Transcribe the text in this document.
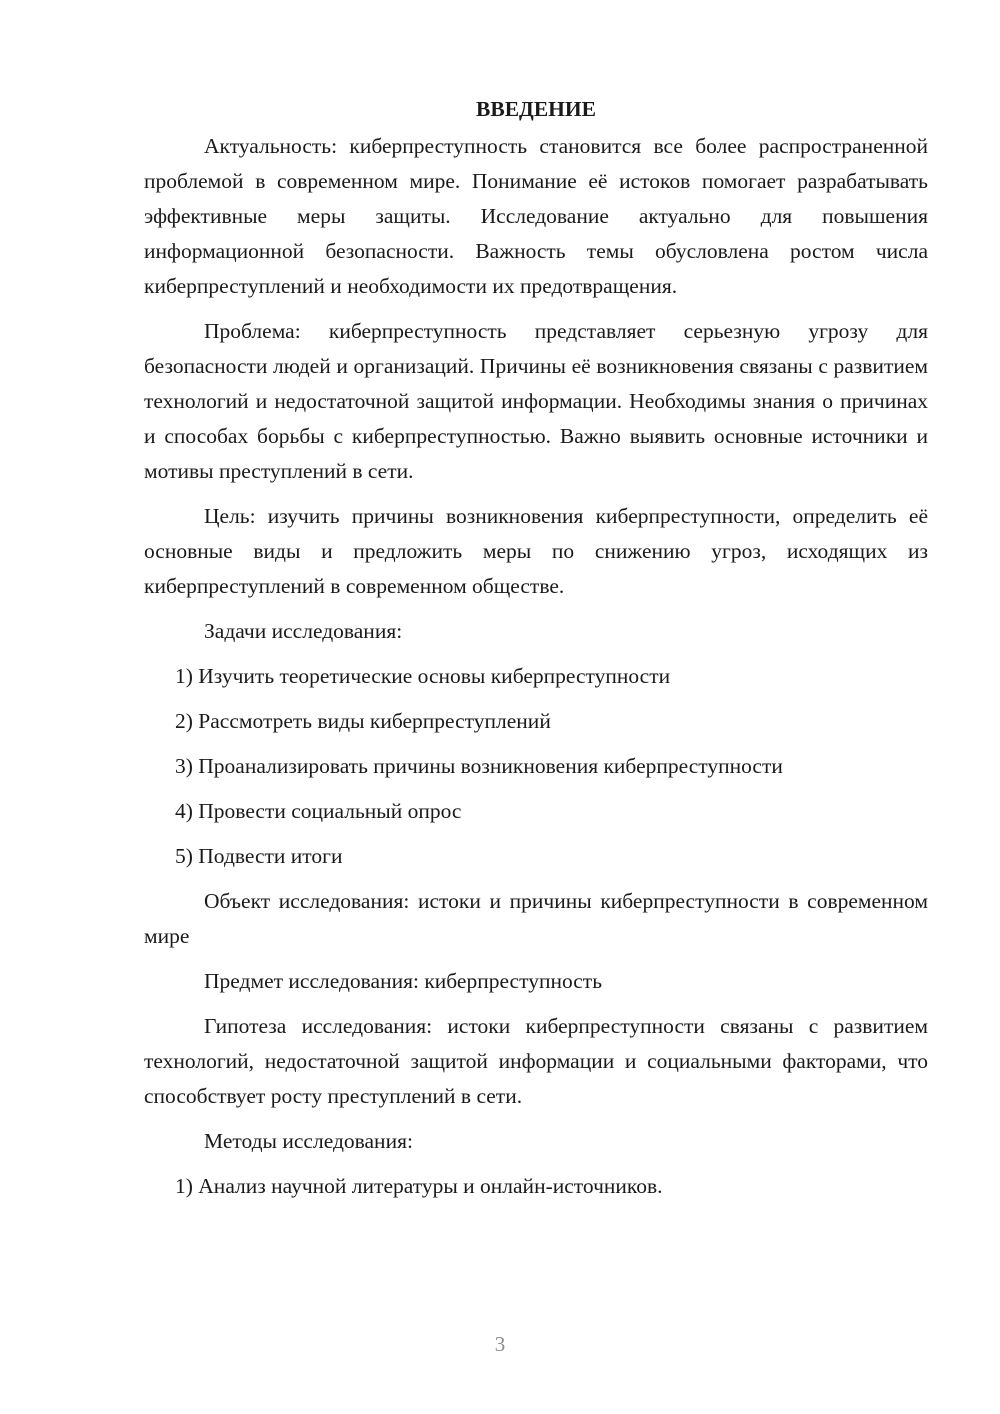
ВВЕДЕНИЕ

Актуальность: киберпреступность становится все более распространенной проблемой в современном мире. Понимание её истоков помогает разрабатывать эффективные меры защиты. Исследование актуально для повышения информационной безопасности. Важность темы обусловлена ростом числа киберпреступлений и необходимости их предотвращения.

Проблема: киберпреступность представляет серьезную угрозу для безопасности людей и организаций. Причины её возникновения связаны с развитием технологий и недостаточной защитой информации. Необходимы знания о причинах и способах борьбы с киберпреступностью. Важно выявить основные источники и мотивы преступлений в сети.

Цель: изучить причины возникновения киберпреступности, определить её основные виды и предложить меры по снижению угроз, исходящих из киберпреступлений в современном обществе.

Задачи исследования:

1) Изучить теоретические основы киберпреступности
2) Рассмотреть виды киберпреступлений
3) Проанализировать причины возникновения киберпреступности
4) Провести социальный опрос
5) Подвести итоги

Объект исследования: истоки и причины киберпреступности в современном мире

Предмет исследования: киберпреступность

Гипотеза исследования: истоки киберпреступности связаны с развитием технологий, недостаточной защитой информации и социальными факторами, что способствует росту преступлений в сети.

Методы исследования:

1) Анализ научной литературы и онлайн-источников.
3
